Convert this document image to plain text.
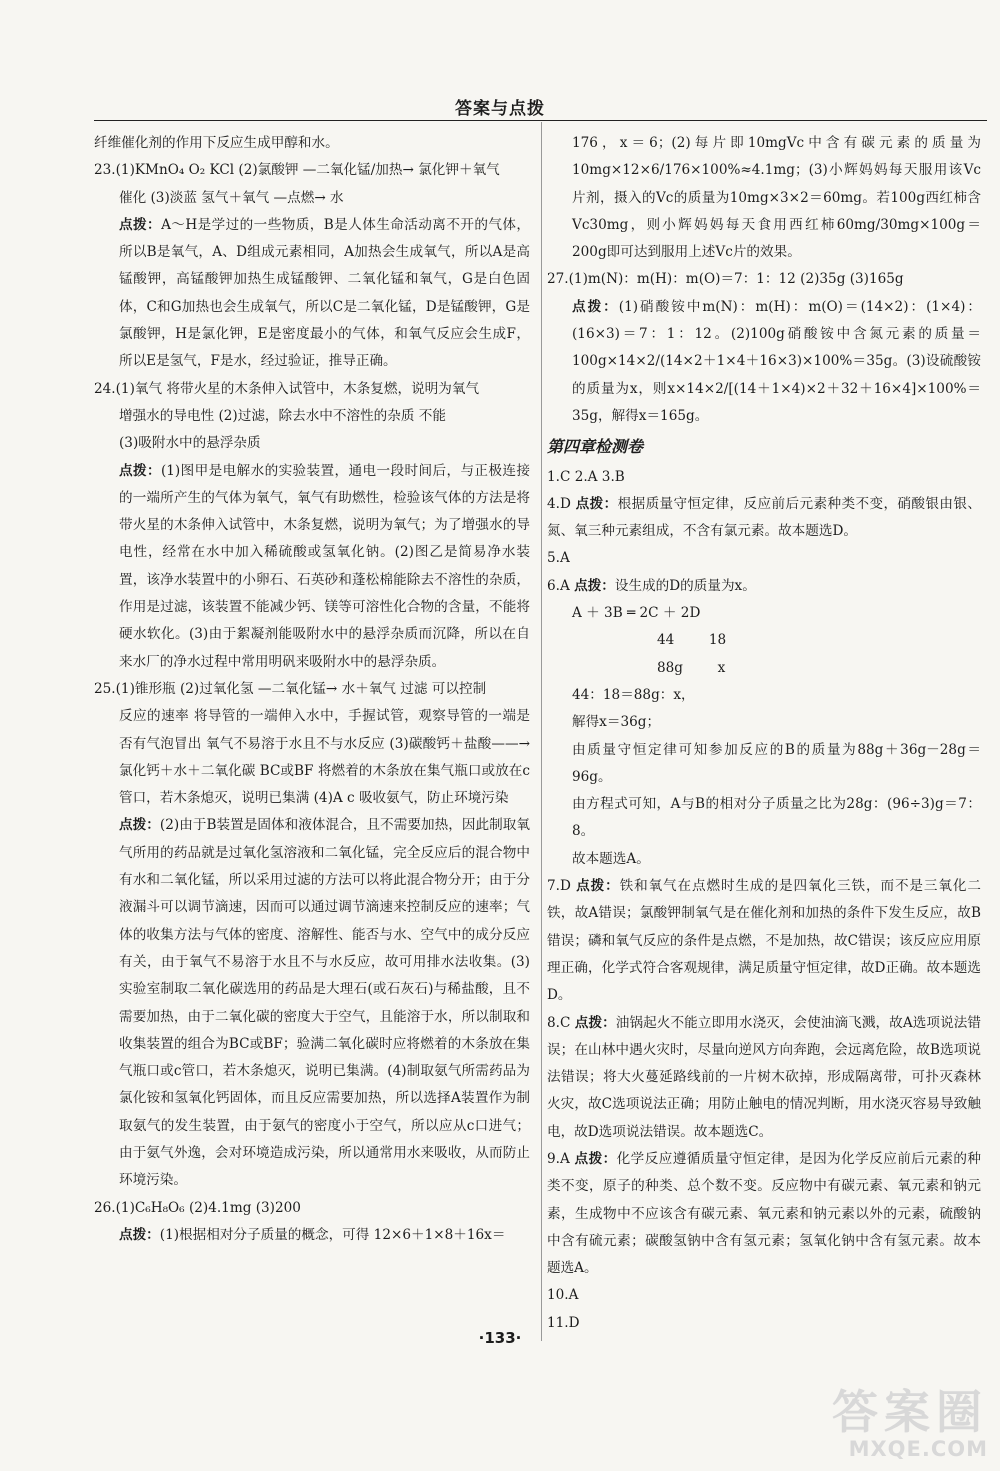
答案与点拨

纤维催化剂的作用下反应生成甲醇和水。

23.(1)KMnO₄ O₂ KCl (2)氯酸钾 —二氧化锰/加热→ 氯化钾＋氧气

催化 (3)淡蓝 氢气＋氧气 —点燃→ 水

点拨：A～H是学过的一些物质，B是人体生命活动离不开的气体，所以B是氧气，A、D组成元素相同，A加热会生成氧气，所以A是高锰酸钾，高锰酸钾加热生成锰酸钾、二氧化锰和氧气，G是白色固体，C和G加热也会生成氧气，所以C是二氧化锰，D是锰酸钾，G是氯酸钾，H是氯化钾，E是密度最小的气体，和氧气反应会生成F，所以E是氢气，F是水，经过验证，推导正确。

24.(1)氧气 将带火星的木条伸入试管中，木条复燃，说明为氧气

增强水的导电性 (2)过滤，除去水中不溶性的杂质 不能

(3)吸附水中的悬浮杂质

点拨：(1)图甲是电解水的实验装置，通电一段时间后，与正极连接的一端所产生的气体为氧气，氧气有助燃性，检验该气体的方法是将带火星的木条伸入试管中，木条复燃，说明为氧气；为了增强水的导电性，经常在水中加入稀硫酸或氢氧化钠。(2)图乙是简易净水装置，该净水装置中的小卵石、石英砂和蓬松棉能除去不溶性的杂质，作用是过滤，该装置不能减少钙、镁等可溶性化合物的含量，不能将硬水软化。(3)由于絮凝剂能吸附水中的悬浮杂质而沉降，所以在自来水厂的净水过程中常用明矾来吸附水中的悬浮杂质。

25.(1)锥形瓶 (2)过氧化氢 —二氧化锰→ 水＋氧气 过滤 可以控制

反应的速率 将导管的一端伸入水中，手握试管，观察导管的一端是否有气泡冒出 氧气不易溶于水且不与水反应 (3)碳酸钙＋盐酸——→氯化钙＋水＋二氧化碳 BC或BF 将燃着的木条放在集气瓶口或放在c管口，若木条熄灭，说明已集满 (4)A c 吸收氨气，防止环境污染

点拨：(2)由于B装置是固体和液体混合，且不需要加热，因此制取氧气所用的药品就是过氧化氢溶液和二氧化锰，完全反应后的混合物中有水和二氧化锰，所以采用过滤的方法可以将此混合物分开；由于分液漏斗可以调节滴速，因而可以通过调节滴速来控制反应的速率；气体的收集方法与气体的密度、溶解性、能否与水、空气中的成分反应有关，由于氧气不易溶于水且不与水反应，故可用排水法收集。(3)实验室制取二氧化碳选用的药品是大理石(或石灰石)与稀盐酸，且不需要加热，由于二氧化碳的密度大于空气，且能溶于水，所以制取和收集装置的组合为BC或BF；验满二氧化碳时应将燃着的木条放在集气瓶口或c管口，若木条熄灭，说明已集满。(4)制取氨气所需药品为氯化铵和氢氧化钙固体，而且反应需要加热，所以选择A装置作为制取氨气的发生装置，由于氨气的密度小于空气，所以应从c口进气；由于氨气外逸，会对环境造成污染，所以通常用水来吸收，从而防止环境污染。

26.(1)C₆H₈O₆ (2)4.1mg (3)200

点拨：(1)根据相对分子质量的概念，可得 12×6＋1×8＋16x＝

176，x＝6；(2)每片即10mgVc中含有碳元素的质量为10mg×12×6/176×100%≈4.1mg；(3)小辉妈妈每天服用该Vc片剂，摄入的Vc的质量为10mg×3×2＝60mg。若100g西红柿含Vc30mg，则小辉妈妈每天食用西红柿60mg/30mg×100g＝200g即可达到服用上述Vc片的效果。

27.(1)m(N)：m(H)：m(O)＝7：1：12 (2)35g (3)165g

点拨：(1)硝酸铵中m(N)：m(H)：m(O)＝(14×2)：(1×4)：(16×3)＝7：1：12。(2)100g硝酸铵中含氮元素的质量＝100g×14×2/(14×2＋1×4＋16×3)×100%＝35g。(3)设硫酸铵的质量为x，则x×14×2/[(14＋1×4)×2＋32＋16×4]×100%＝35g，解得x＝165g。

第四章检测卷

1.C 2.A 3.B

4.D 点拨：根据质量守恒定律，反应前后元素种类不变，硝酸银由银、氮、氧三种元素组成，不含有氯元素。故本题选D。

5.A

6.A 点拨：设生成的D的质量为x。

A ＋ 3B ═ 2C ＋ 2D

44        18

88g        x

44：18＝88g：x，

解得x＝36g；

由质量守恒定律可知参加反应的B的质量为88g＋36g－28g＝96g。

由方程式可知，A与B的相对分子质量之比为28g：(96÷3)g＝7：8。

故本题选A。

7.D 点拨：铁和氧气在点燃时生成的是四氧化三铁，而不是三氧化二铁，故A错误；氯酸钾制氧气是在催化剂和加热的条件下发生反应，故B错误；磷和氧气反应的条件是点燃，不是加热，故C错误；该反应应用原理正确，化学式符合客观规律，满足质量守恒定律，故D正确。故本题选D。

8.C 点拨：油锅起火不能立即用水浇灭，会使油滴飞溅，故A选项说法错误；在山林中遇火灾时，尽量向逆风方向奔跑，会远离危险，故B选项说法错误；将大火蔓延路线前的一片树木砍掉，形成隔离带，可扑灭森林火灾，故C选项说法正确；用防止触电的情况判断，用水浇灭容易导致触电，故D选项说法错误。故本题选C。

9.A 点拨：化学反应遵循质量守恒定律，是因为化学反应前后元素的种类不变，原子的种类、总个数不变。反应物中有碳元素、氧元素和钠元素，生成物中不应该含有碳元素、氧元素和钠元素以外的元素，硫酸钠中含有硫元素；碳酸氢钠中含有氢元素；氢氧化钠中含有氢元素。故本题选A。

10.A

11.D

·133·
答案圈
MXQE.COM
